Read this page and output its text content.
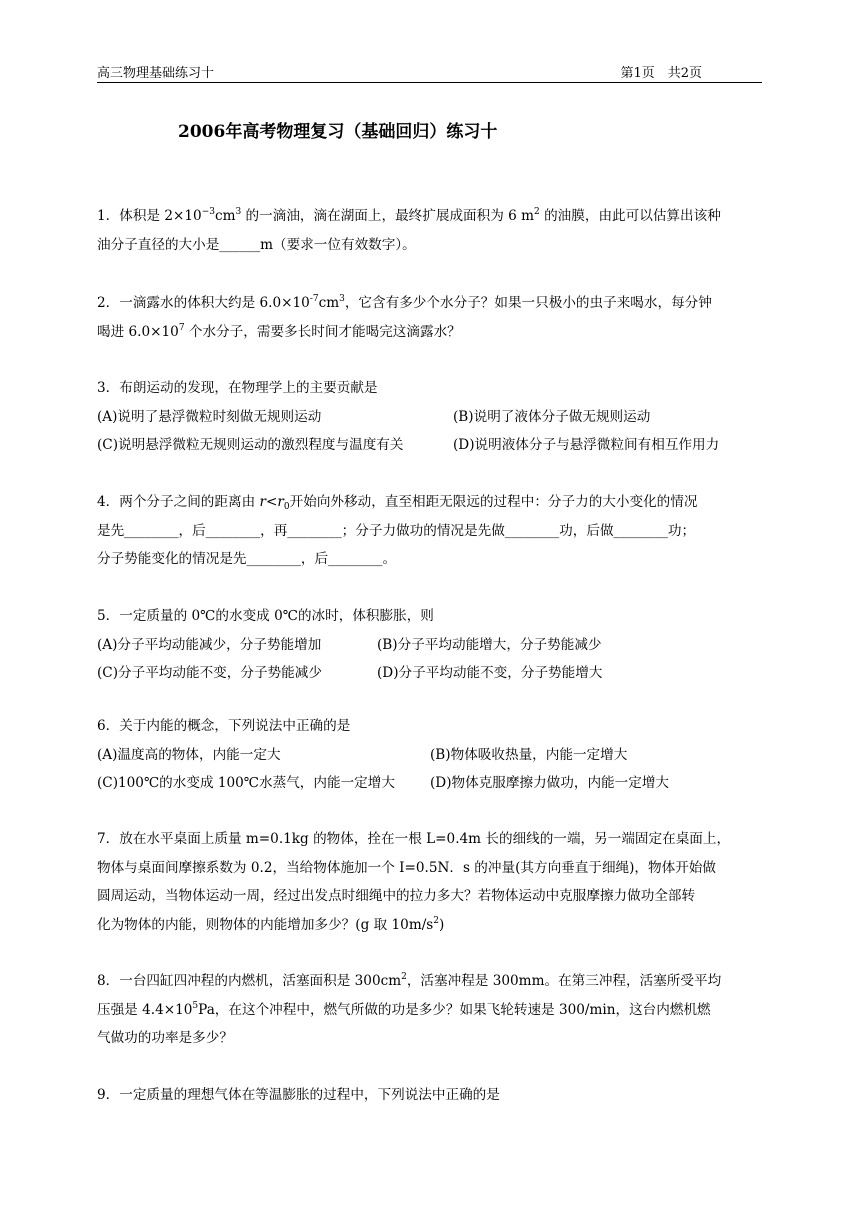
高三物理基础练习十	第1页　共2页
2006年高考物理复习（基础回归）练习十

1．体积是 $2\times 10^{-3}cm^3$ 的一滴油，滴在湖面上，最终扩展成面积为 6 $m^2$ 的油膜，由此可以估算出该种

油分子直径的大小是______m（要求一位有效数字）。

2．一滴露水的体积大约是 $6.0\times 10^{-7}cm^3$，它含有多少个水分子？如果一只极小的虫子来喝水，每分钟

喝进 $6.0\times 10^7$ 个水分子，需要多长时间才能喝完这滴露水？

3．布朗运动的发现，在物理学上的主要贡献是

(A)说明了悬浮微粒时刻做无规则运动	(B)说明了液体分子做无规则运动

(C)说明悬浮微粒无规则运动的激烈程度与温度有关	(D)说明液体分子与悬浮微粒间有相互作用力

4．两个分子之间的距离由 $r<r_0$开始向外移动，直至相距无限远的过程中：分子力的大小变化的情况

是先________，后________，再________；分子力做功的情况是先做________功，后做________功；

分子势能变化的情况是先________，后________。

5．一定质量的 0℃的水变成 0℃的冰时，体积膨胀，则

(A)分子平均动能减少，分子势能增加	(B)分子平均动能增大，分子势能减少

(C)分子平均动能不变，分子势能减少	(D)分子平均动能不变，分子势能增大

6．关于内能的概念，下列说法中正确的是

(A)温度高的物体，内能一定大	(B)物体吸收热量，内能一定增大

(C)100℃的水变成 100℃水蒸气，内能一定增大	(D)物体克服摩擦力做功，内能一定增大

7．放在水平桌面上质量 m=0.1kg 的物体，拴在一根 L=0.4m 长的细线的一端，另一端固定在桌面上，

物体与桌面间摩擦系数为 0.2，当给物体施加一个 I=0.5N．s 的冲量(其方向垂直于细绳)，物体开始做

圆周运动，当物体运动一周，经过出发点时细绳中的拉力多大？若物体运动中克服摩擦力做功全部转

化为物体的内能，则物体的内能增加多少？(g 取 $10m/s^2$)

8．一台四缸四冲程的内燃机，活塞面积是 $300cm^2$，活塞冲程是 300mm。在第三冲程，活塞所受平均

压强是 $4.4\times 10^5Pa$，在这个冲程中，燃气所做的功是多少？如果飞轮转速是 300/min，这台内燃机燃

气做功的功率是多少？

9．一定质量的理想气体在等温膨胀的过程中，下列说法中正确的是
